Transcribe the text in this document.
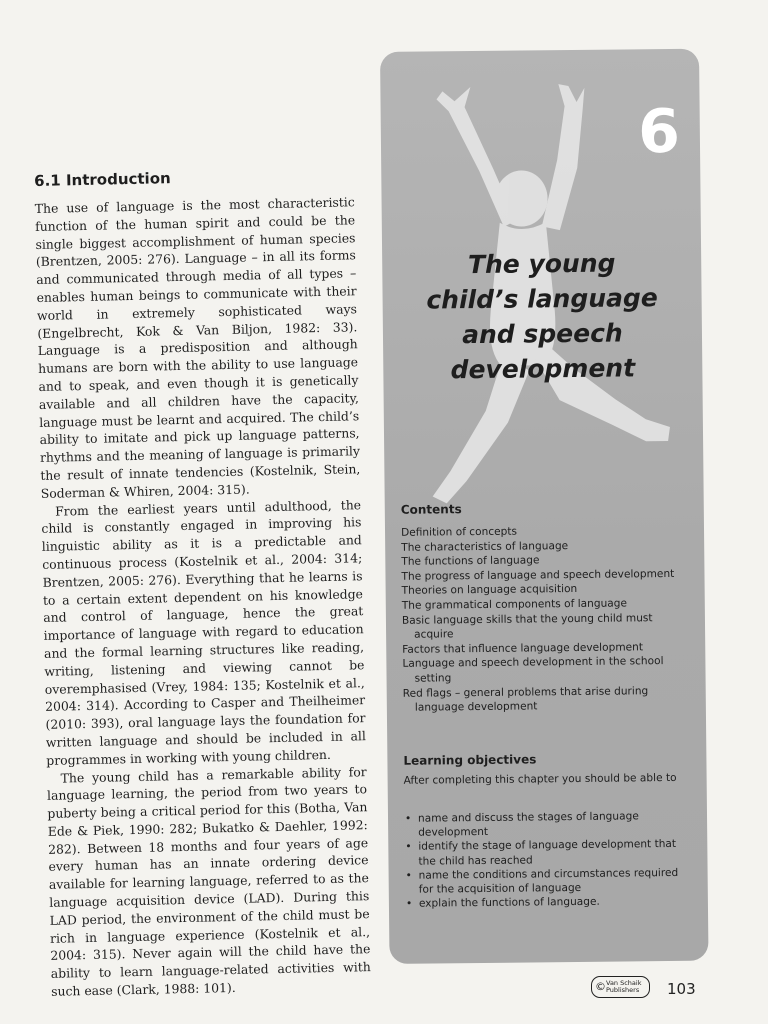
6.1 Introduction

The use of language is the most characteristic function of the human spirit and could be the single biggest accomplishment of human species (Brentzen, 2005: 276). Language – in all its forms and communicated through media of all types – enables human beings to communicate with their world in extremely sophisticated ways (Engelbrecht, Kok & Van Biljon, 1982: 33). Language is a predisposition and although humans are born with the ability to use language and to speak, and even though it is genetically available and all children have the capacity, language must be learnt and acquired. The child’s ability to imitate and pick up language patterns, rhythms and the meaning of language is primarily the result of innate tendencies (Kostelnik, Stein, Soderman & Whiren, 2004: 315).

From the earliest years until adulthood, the child is constantly engaged in improving his linguistic ability as it is a predictable and continuous process (Kostelnik et al., 2004: 314; Brentzen, 2005: 276). Everything that he learns is to a certain extent dependent on his knowledge and control of language, hence the great importance of language with regard to education and the formal learning structures like reading, writing, listening and viewing cannot be overemphasised (Vrey, 1984: 135; Kostelnik et al., 2004: 314). According to Casper and Theilheimer (2010: 393), oral language lays the foundation for written language and should be included in all programmes in working with young children.

The young child has a remarkable ability for language learning, the period from two years to puberty being a critical period for this (Botha, Van Ede & Piek, 1990: 282; Bukatko & Daehler, 1992: 282). Between 18 months and four years of age every human has an innate ordering device available for learning language, referred to as the language acquisition device (LAD). During this LAD period, the environment of the child must be rich in language experience (Kostelnik et al., 2004: 315). Never again will the child have the ability to learn language-related activities with such ease (Clark, 1988: 101).

6
The young
child’s language
and speech
development
Contents
Definition of concepts
The characteristics of language
The functions of language
The progress of language and speech development
Theories on language acquisition
The grammatical components of language
Basic language skills that the young child must acquire
Factors that influence language development
Language and speech development in the school setting
Red flags – general problems that arise during language development
Learning objectives
After completing this chapter you should be able to
• name and discuss the stages of language development
• identify the stage of language development that the child has reached
• name the conditions and circumstances required for the acquisition of language
• explain the functions of language.
© Van Schaik
Publishers	103
